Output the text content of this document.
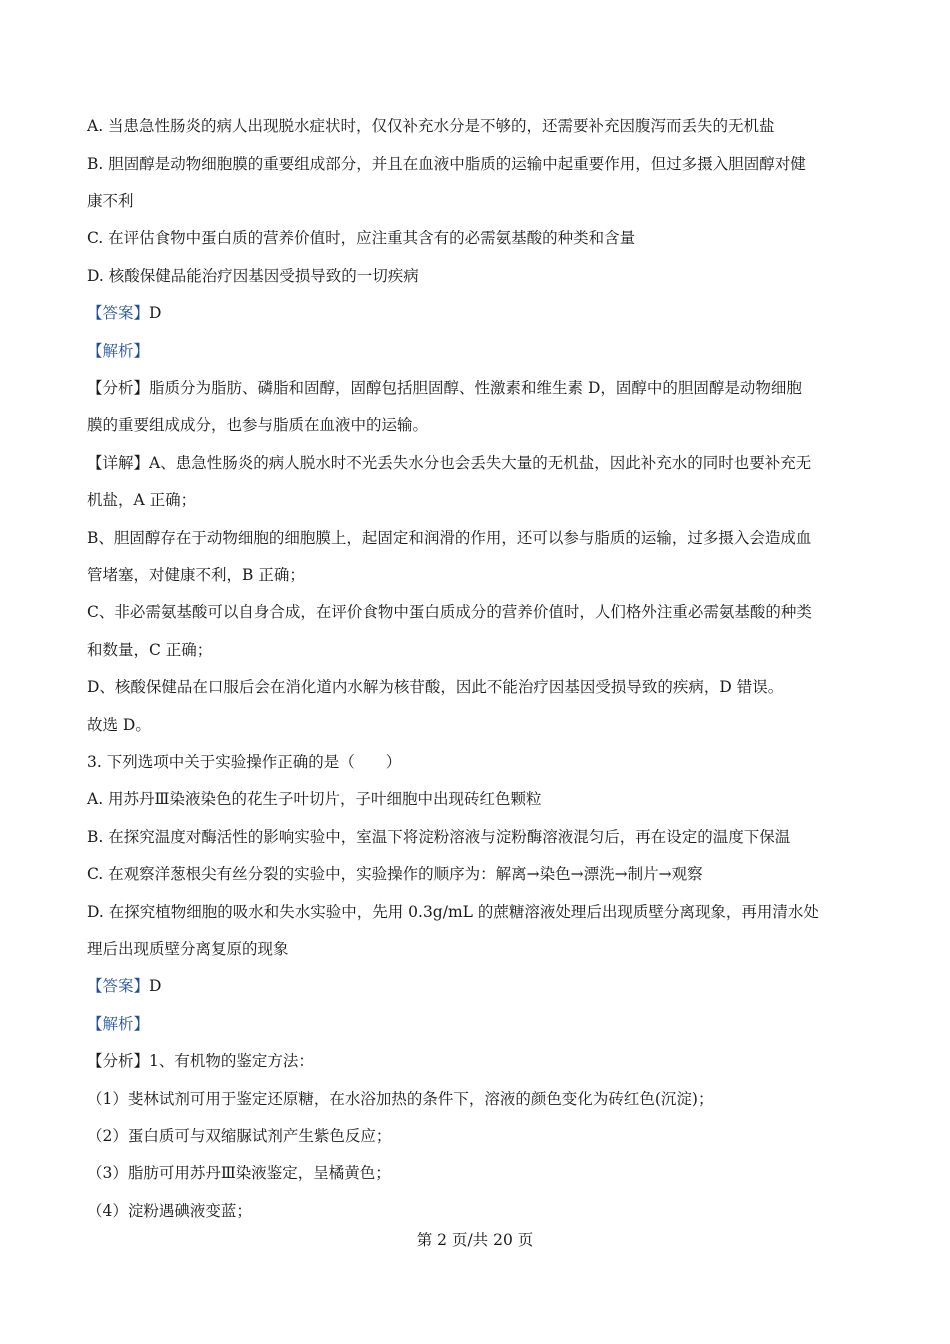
A. 当患急性肠炎的病人出现脱水症状时，仅仅补充水分是不够的，还需要补充因腹泻而丢失的无机盐
B. 胆固醇是动物细胞膜的重要组成部分，并且在血液中脂质的运输中起重要作用，但过多摄入胆固醇对健
康不利
C. 在评估食物中蛋白质的营养价值时，应注重其含有的必需氨基酸的种类和含量
D. 核酸保健品能治疗因基因受损导致的一切疾病
【答案】D
【解析】
【分析】脂质分为脂肪、磷脂和固醇，固醇包括胆固醇、性激素和维生素 D，固醇中的胆固醇是动物细胞
膜的重要组成成分，也参与脂质在血液中的运输。
【详解】A、患急性肠炎的病人脱水时不光丢失水分也会丢失大量的无机盐，因此补充水的同时也要补充无
机盐，A 正确；
B、胆固醇存在于动物细胞的细胞膜上，起固定和润滑的作用，还可以参与脂质的运输，过多摄入会造成血
管堵塞，对健康不利，B 正确；
C、非必需氨基酸可以自身合成，在评价食物中蛋白质成分的营养价值时，人们格外注重必需氨基酸的种类
和数量，C 正确；
D、核酸保健品在口服后会在消化道内水解为核苷酸，因此不能治疗因基因受损导致的疾病，D 错误。
故选 D。
3. 下列选项中关于实验操作正确的是（　　）
A. 用苏丹Ⅲ染液染色的花生子叶切片，子叶细胞中出现砖红色颗粒
B. 在探究温度对酶活性的影响实验中，室温下将淀粉溶液与淀粉酶溶液混匀后，再在设定的温度下保温
C. 在观察洋葱根尖有丝分裂的实验中，实验操作的顺序为：解离→染色→漂洗→制片→观察
D. 在探究植物细胞的吸水和失水实验中，先用 0.3g/mL 的蔗糖溶液处理后出现质壁分离现象，再用清水处
理后出现质壁分离复原的现象
【答案】D
【解析】
【分析】1、有机物的鉴定方法：
（1）斐林试剂可用于鉴定还原糖，在水浴加热的条件下，溶液的颜色变化为砖红色(沉淀)；
（2）蛋白质可与双缩脲试剂产生紫色反应；
（3）脂肪可用苏丹Ⅲ染液鉴定，呈橘黄色；
（4）淀粉遇碘液变蓝；
第 2 页/共 20 页
